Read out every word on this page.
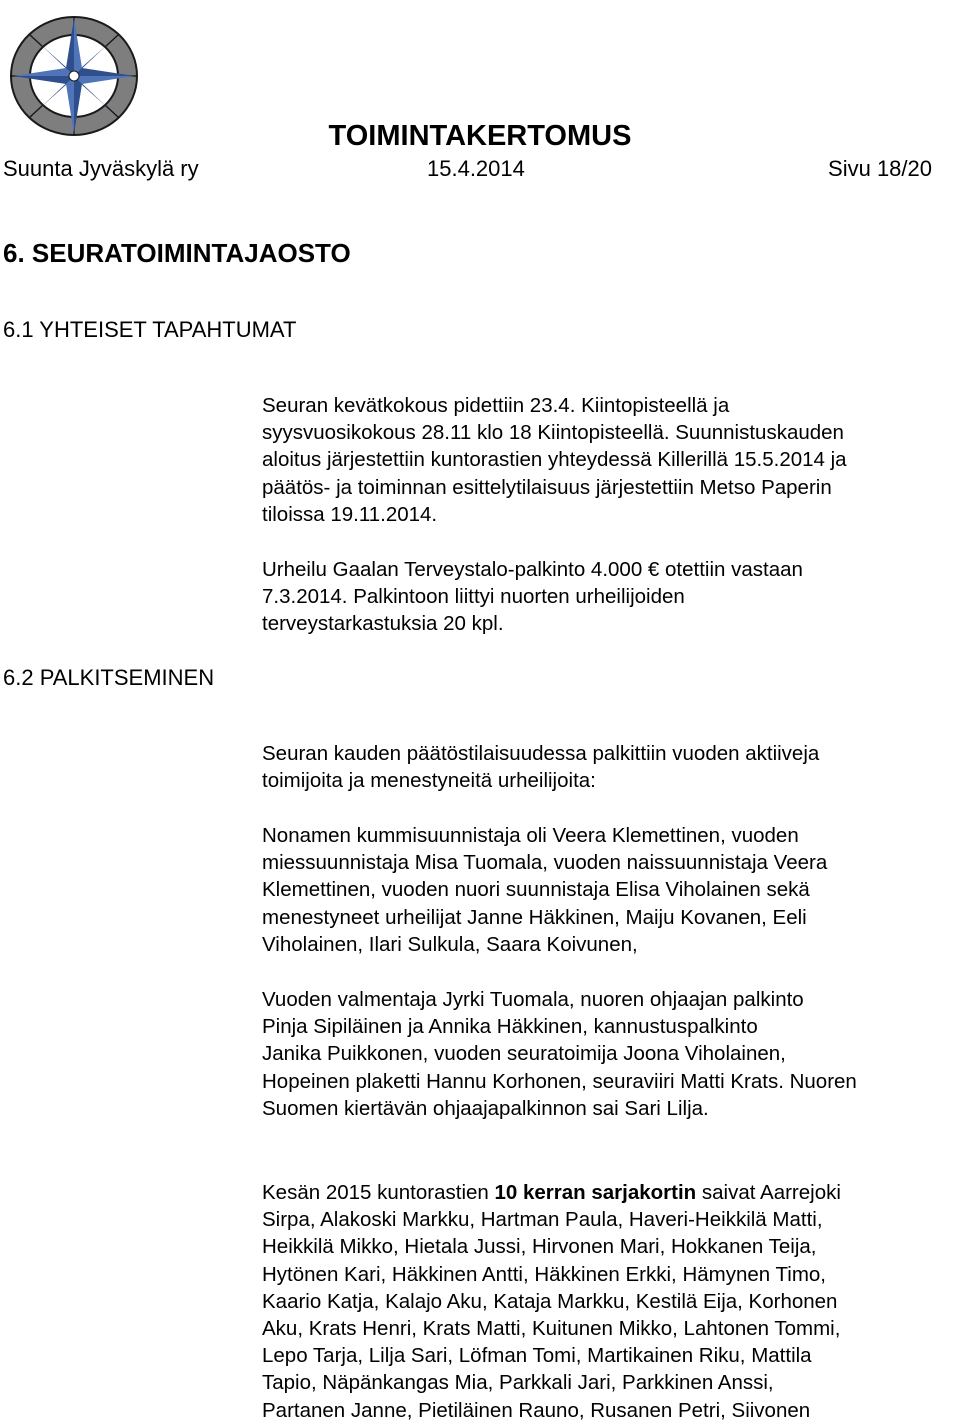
TOIMINTAKERTOMUS
Suunta Jyväskylä ry	15.4.2014	Sivu 18/20
6. SEURATOIMINTAJAOSTO
6.1 YHTEISET TAPAHTUMAT

Seuran kevätkokous pidettiin 23.4. Kiintopisteellä ja
syysvuosikokous 28.11 klo 18 Kiintopisteellä. Suunnistuskauden
aloitus järjestettiin kuntorastien yhteydessä Killerillä 15.5.2014 ja
päätös- ja toiminnan esittelytilaisuus järjestettiin Metso Paperin
tiloissa 19.11.2014.

Urheilu Gaalan Terveystalo-palkinto 4.000 € otettiin vastaan
7.3.2014. Palkintoon liittyi nuorten urheilijoiden
terveystarkastuksia 20 kpl.

6.2 PALKITSEMINEN

Seuran kauden päätöstilaisuudessa palkittiin vuoden aktiiveja
toimijoita ja menestyneitä urheilijoita:

Nonamen kummisuunnistaja oli Veera Klemettinen, vuoden
miessuunnistaja Misa Tuomala, vuoden naissuunnistaja Veera
Klemettinen, vuoden nuori suunnistaja Elisa Viholainen sekä
menestyneet urheilijat Janne Häkkinen, Maiju Kovanen, Eeli
Viholainen, Ilari Sulkula, Saara Koivunen,

Vuoden valmentaja Jyrki Tuomala, nuoren ohjaajan palkinto
Pinja Sipiläinen ja Annika Häkkinen, kannustuspalkinto
Janika Puikkonen, vuoden seuratoimija Joona Viholainen,
Hopeinen plaketti Hannu Korhonen, seuraviiri Matti Krats. Nuoren
Suomen kiertävän ohjaajapalkinnon sai Sari Lilja.

Kesän 2015 kuntorastien 10 kerran sarjakortin saivat Aarrejoki
Sirpa, Alakoski Markku, Hartman Paula, Haveri-Heikkilä Matti,
Heikkilä Mikko, Hietala Jussi, Hirvonen Mari, Hokkanen Teija,
Hytönen Kari, Häkkinen Antti, Häkkinen Erkki, Hämynen Timo,
Kaario Katja, Kalajo Aku, Kataja Markku, Kestilä Eija, Korhonen
Aku, Krats Henri, Krats Matti, Kuitunen Mikko, Lahtonen Tommi,
Lepo Tarja, Lilja Sari, Löfman Tomi, Martikainen Riku, Mattila
Tapio, Näpänkangas Mia, Parkkali Jari, Parkkinen Anssi,
Partanen Janne, Pietiläinen Rauno, Rusanen Petri, Siivonen
